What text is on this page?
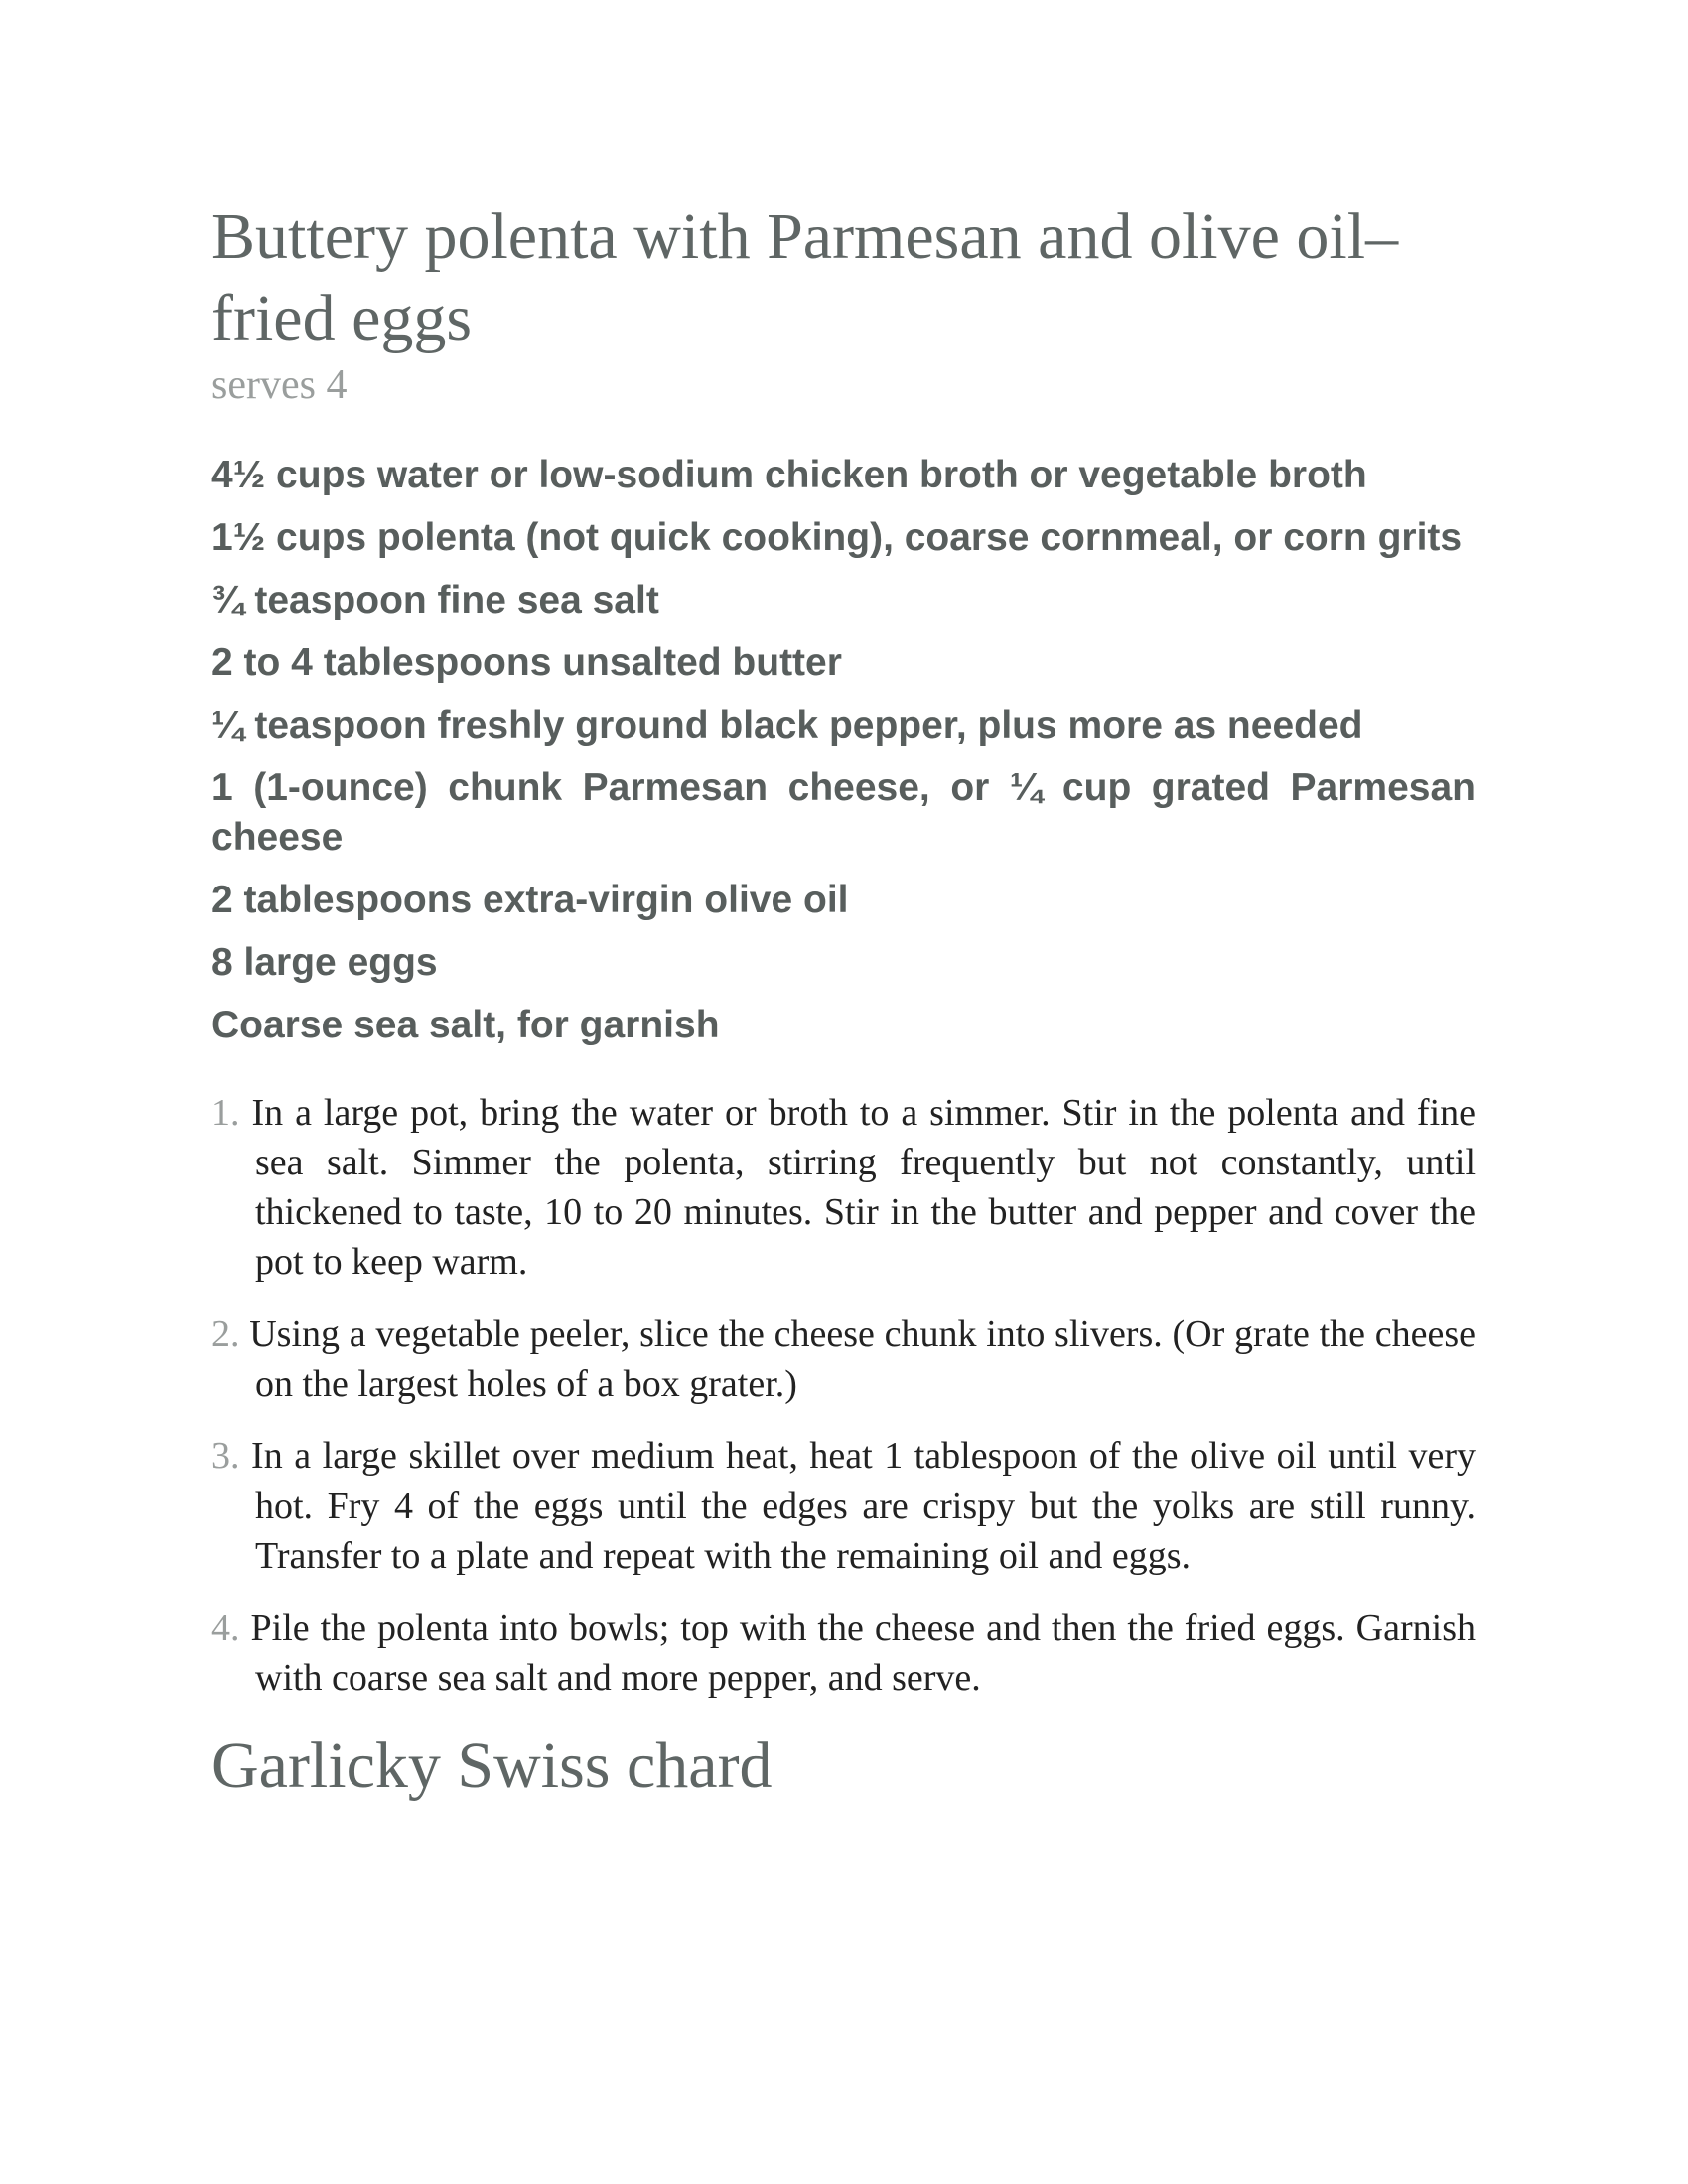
Buttery polenta with Parmesan and olive oil–fried eggs
serves 4
4½ cups water or low-sodium chicken broth or vegetable broth
1½ cups polenta (not quick cooking), coarse cornmeal, or corn grits
¾ teaspoon fine sea salt
2 to 4 tablespoons unsalted butter
¼ teaspoon freshly ground black pepper, plus more as needed
1 (1-ounce) chunk Parmesan cheese, or ¼ cup grated Parmesan cheese
2 tablespoons extra-virgin olive oil
8 large eggs
Coarse sea salt, for garnish
1. In a large pot, bring the water or broth to a simmer. Stir in the polenta and fine sea salt. Simmer the polenta, stirring frequently but not constantly, until thickened to taste, 10 to 20 minutes. Stir in the butter and pepper and cover the pot to keep warm.
2. Using a vegetable peeler, slice the cheese chunk into slivers. (Or grate the cheese on the largest holes of a box grater.)
3. In a large skillet over medium heat, heat 1 tablespoon of the olive oil until very hot. Fry 4 of the eggs until the edges are crispy but the yolks are still runny. Transfer to a plate and repeat with the remaining oil and eggs.
4. Pile the polenta into bowls; top with the cheese and then the fried eggs. Garnish with coarse sea salt and more pepper, and serve.
Garlicky Swiss chard
